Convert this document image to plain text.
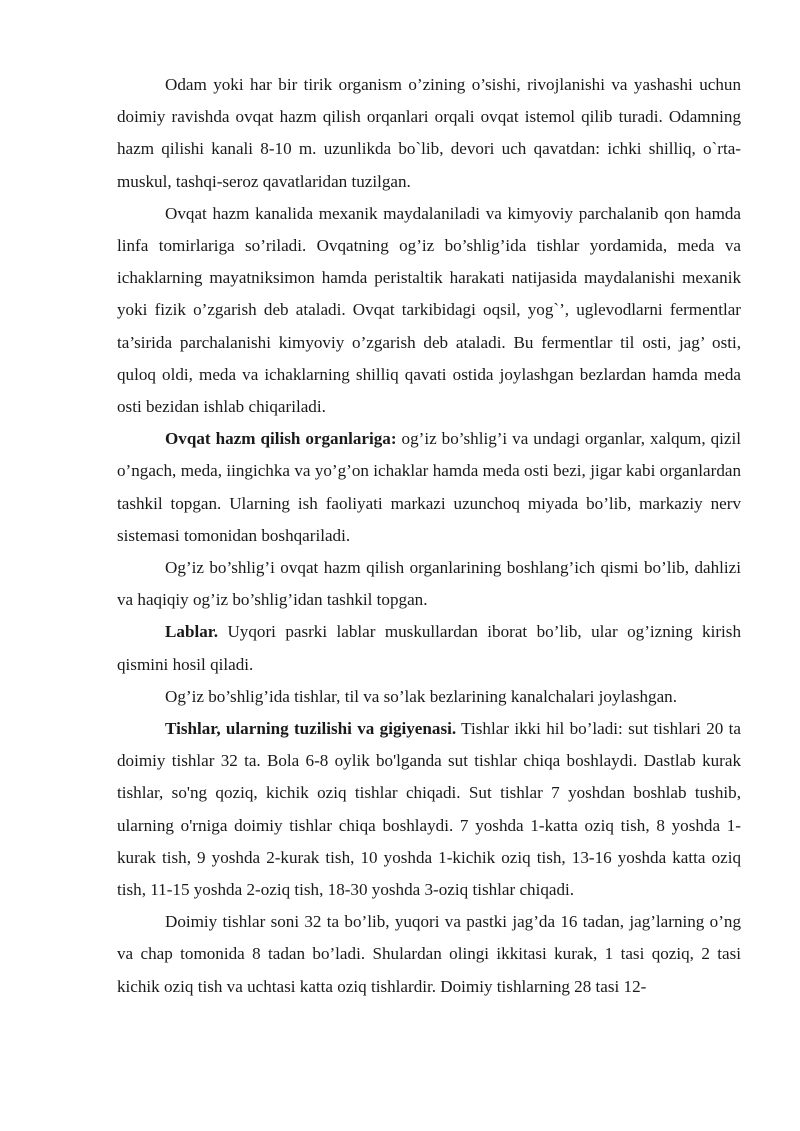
Odam yoki har bir tirik organism o’zining o’sishi, rivojlanishi va yashashi uchun doimiy ravishda ovqat hazm qilish orqanlari orqali ovqat istemol qilib turadi. Odamning hazm qilishi kanali 8-10 m. uzunlikda bo`lib, devori uch qavatdan: ichki shilliq, o`rta-muskul, tashqi-seroz qavatlaridan tuzilgan.

Ovqat hazm kanalida mexanik maydalaniladi va kimyoviy parchalanib qon hamda linfa tomirlariga so’riladi. Ovqatning og’iz bo’shlig’ida tishlar yordamida, meda va ichaklarning mayatniksimon hamda peristaltik harakati natijasida maydalanishi mexanik yoki fizik o’zgarish deb ataladi. Ovqat tarkibidagi oqsil, yog`’, uglevodlarni fermentlar ta’sirida parchalanishi kimyoviy o’zgarish deb ataladi. Bu fermentlar til osti, jag’ osti, quloq oldi, meda va ichaklarning shilliq qavati ostida joylashgan bezlardan hamda meda osti bezidan ishlab chiqariladi.

Ovqat hazm qilish organlariga: og’iz bo’shlig’i va undagi organlar, xalqum, qizil o’ngach, meda, iingichka va yo’g’on ichaklar hamda meda osti bezi, jigar kabi organlardan tashkil topgan. Ularning ish faoliyati markazi uzunchoq miyada bo’lib, markaziy nerv sistemasi tomonidan boshqariladi.

Og’iz bo’shlig’i ovqat hazm qilish organlarining boshlang’ich qismi bo’lib, dahlizi va haqiqiy og’iz bo’shlig’idan tashkil topgan.

Lablar. Uyqori pasrki lablar muskullardan iborat bo’lib, ular og’izning kirish qismini hosil qiladi.

Og’iz bo’shlig’ida tishlar, til va so’lak bezlarining kanalchalari joylashgan.

Tishlar, ularning tuzilishi va gigiyenasi. Tishlar ikki hil bo’ladi: sut tishlari 20 ta doimiy tishlar 32 ta. Bola 6-8 oylik bo'lganda sut tishlar chiqa boshlaydi. Dastlab kurak tishlar, so'ng qoziq, kichik oziq tishlar chiqadi. Sut tishlar 7 yoshdan boshlab tushib, ularning o'rniga doimiy tishlar chiqa boshlaydi. 7 yoshda 1-katta oziq tish, 8 yoshda 1-kurak tish, 9 yoshda 2-kurak tish, 10 yoshda 1-kichik oziq tish, 13-16 yoshda katta oziq tish, 11-15 yoshda 2-oziq tish, 18-30 yoshda 3-oziq tishlar chiqadi.

Doimiy tishlar soni 32 ta bo’lib, yuqori va pastki jag’da 16 tadan, jag’larning o’ng va chap tomonida 8 tadan bo’ladi. Shulardan olingi ikkitasi kurak, 1 tasi qoziq, 2 tasi kichik oziq tish va uchtasi katta oziq tishlardir. Doimiy tishlarning 28 tasi 12-
